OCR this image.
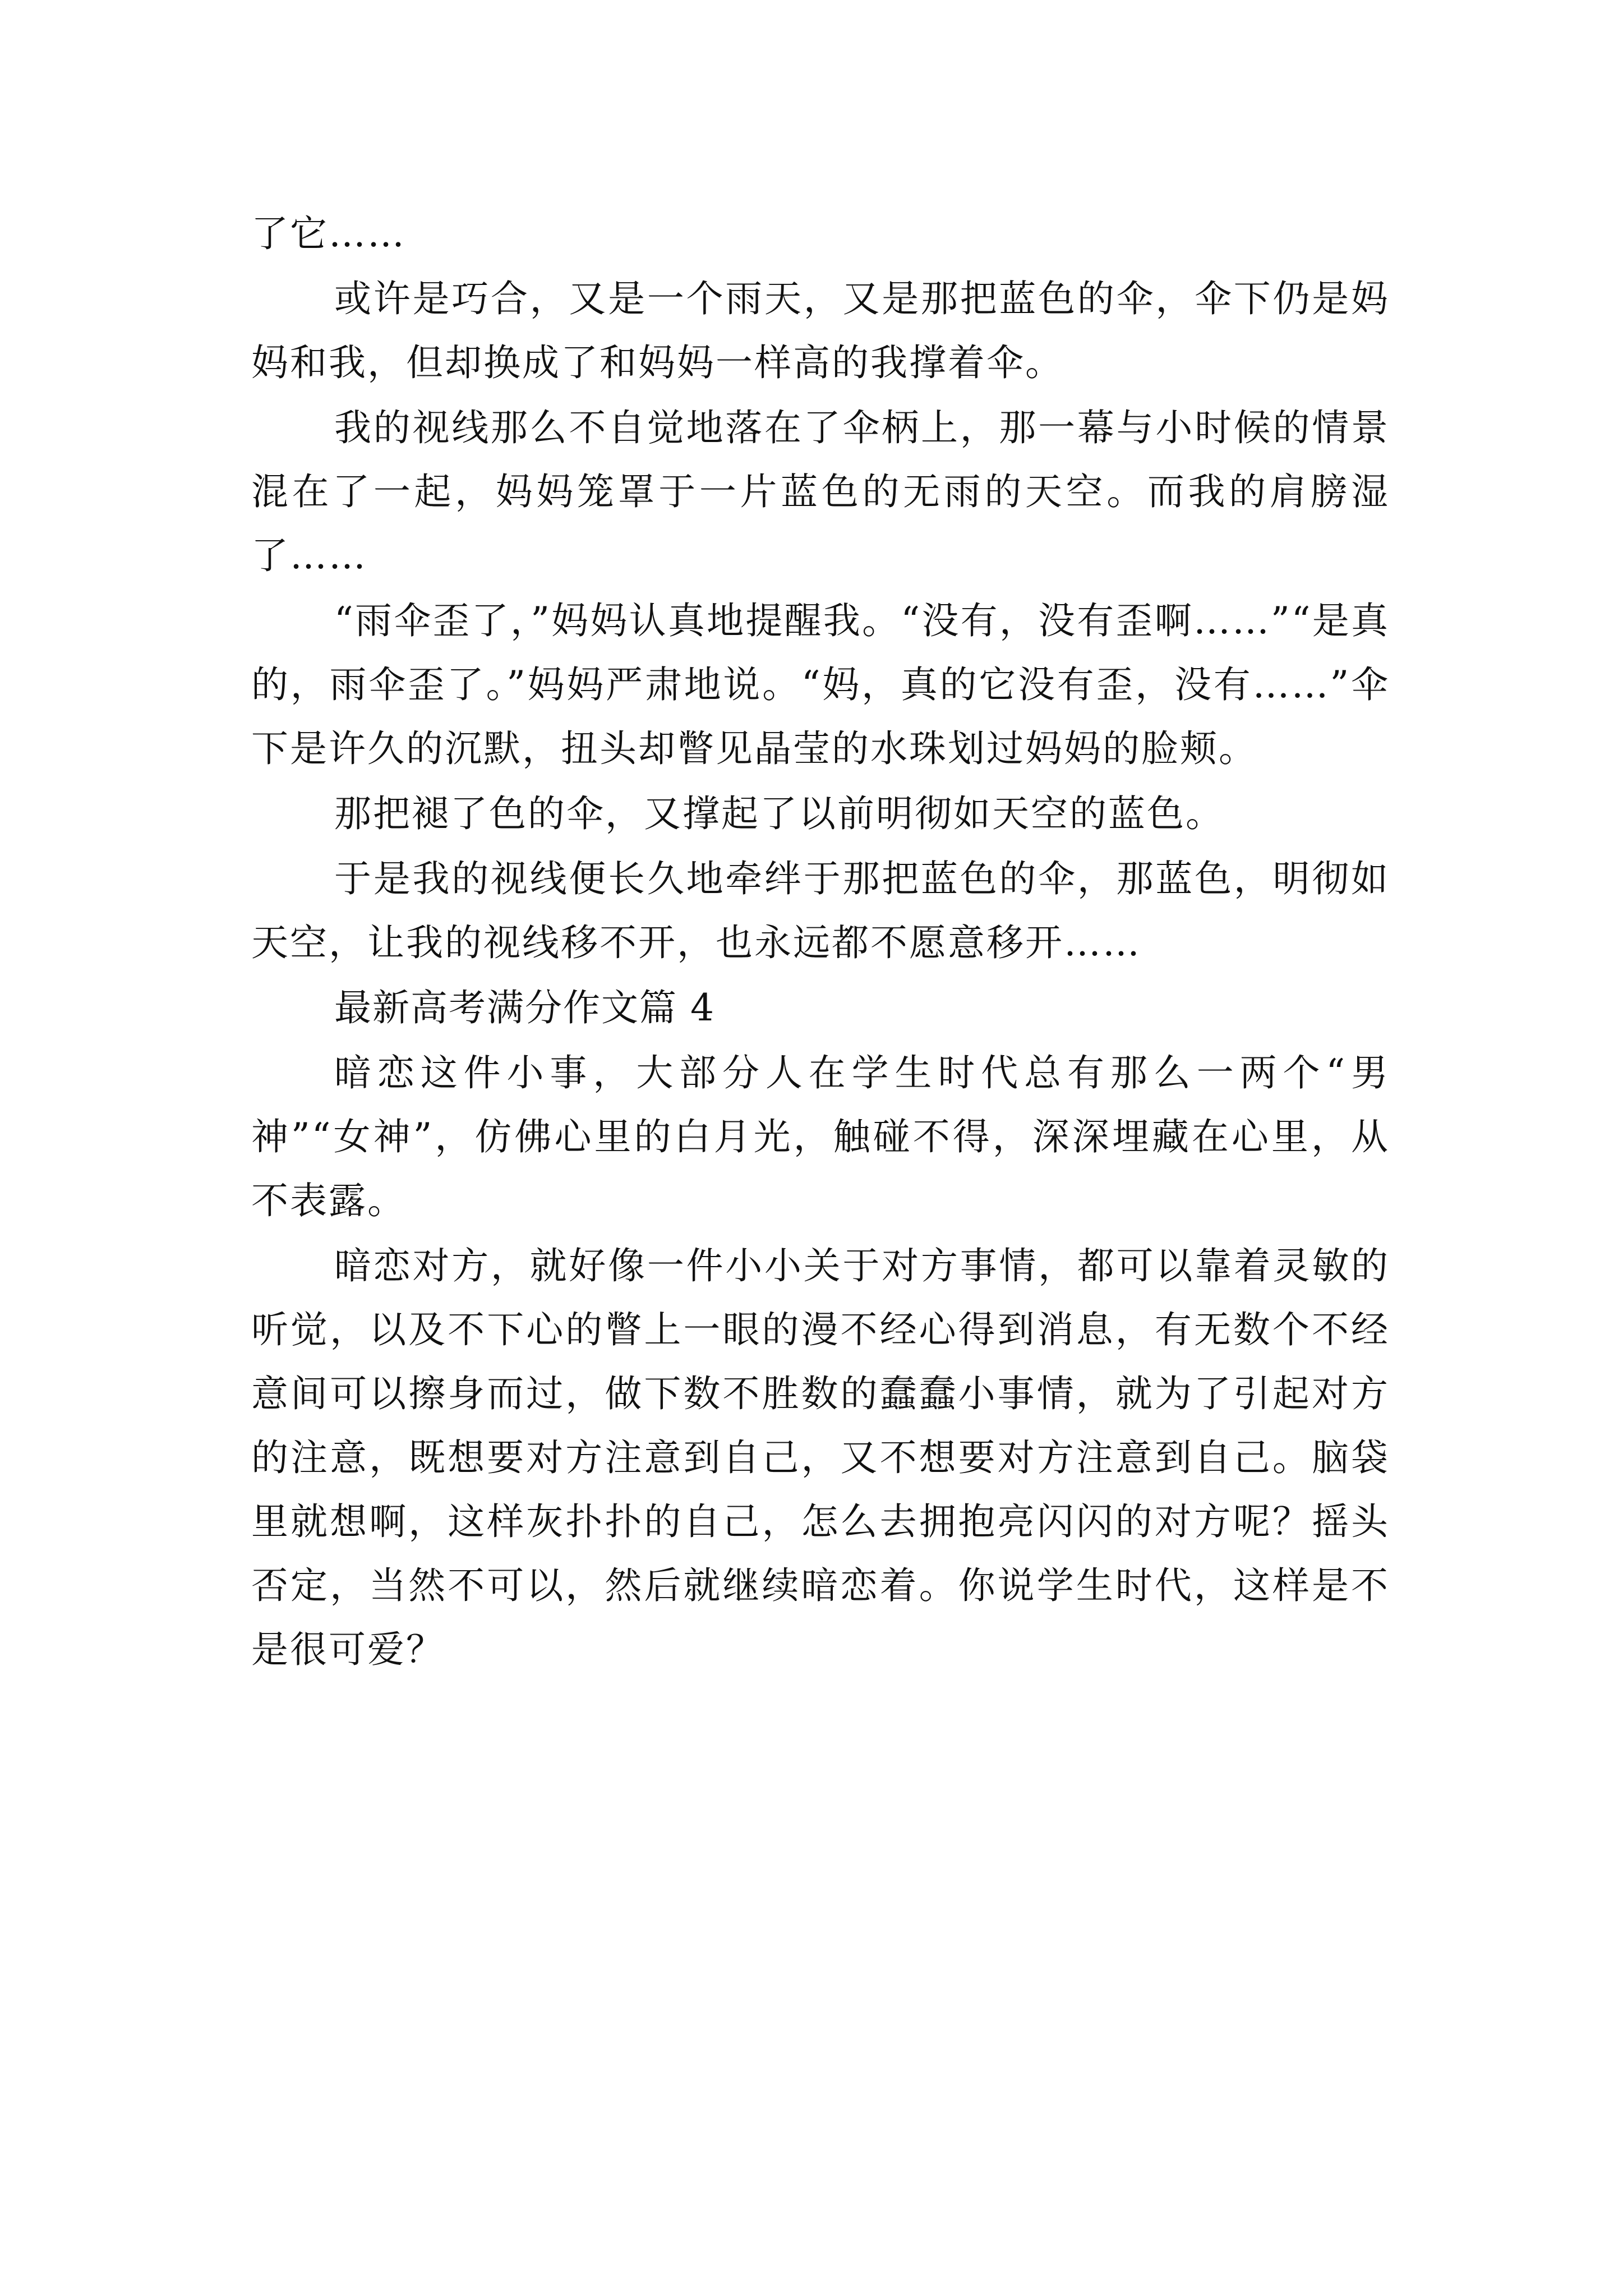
了它……

或许是巧合，又是一个雨天，又是那把蓝色的伞，伞下仍是妈妈和我，但却换成了和妈妈一样高的我撑着伞。

我的视线那么不自觉地落在了伞柄上，那一幕与小时候的情景混在了一起，妈妈笼罩于一片蓝色的无雨的天空。而我的肩膀湿了……

“雨伞歪了，”妈妈认真地提醒我。“没有，没有歪啊……”“是真的，雨伞歪了。”妈妈严肃地说。“妈，真的它没有歪，没有……”伞下是许久的沉默，扭头却瞥见晶莹的水珠划过妈妈的脸颊。

那把褪了色的伞，又撑起了以前明彻如天空的蓝色。

于是我的视线便长久地牵绊于那把蓝色的伞，那蓝色，明彻如天空，让我的视线移不开，也永远都不愿意移开……

最新高考满分作文篇 4

暗恋这件小事，大部分人在学生时代总有那么一两个“男神”“女神”，仿佛心里的白月光，触碰不得，深深埋藏在心里，从不表露。

暗恋对方，就好像一件小小关于对方事情，都可以靠着灵敏的听觉，以及不下心的瞥上一眼的漫不经心得到消息，有无数个不经意间可以擦身而过，做下数不胜数的蠢蠢小事情，就为了引起对方的注意，既想要对方注意到自己，又不想要对方注意到自己。脑袋里就想啊，这样灰扑扑的自己，怎么去拥抱亮闪闪的对方呢？摇头否定，当然不可以，然后就继续暗恋着。你说学生时代，这样是不是很可爱？
